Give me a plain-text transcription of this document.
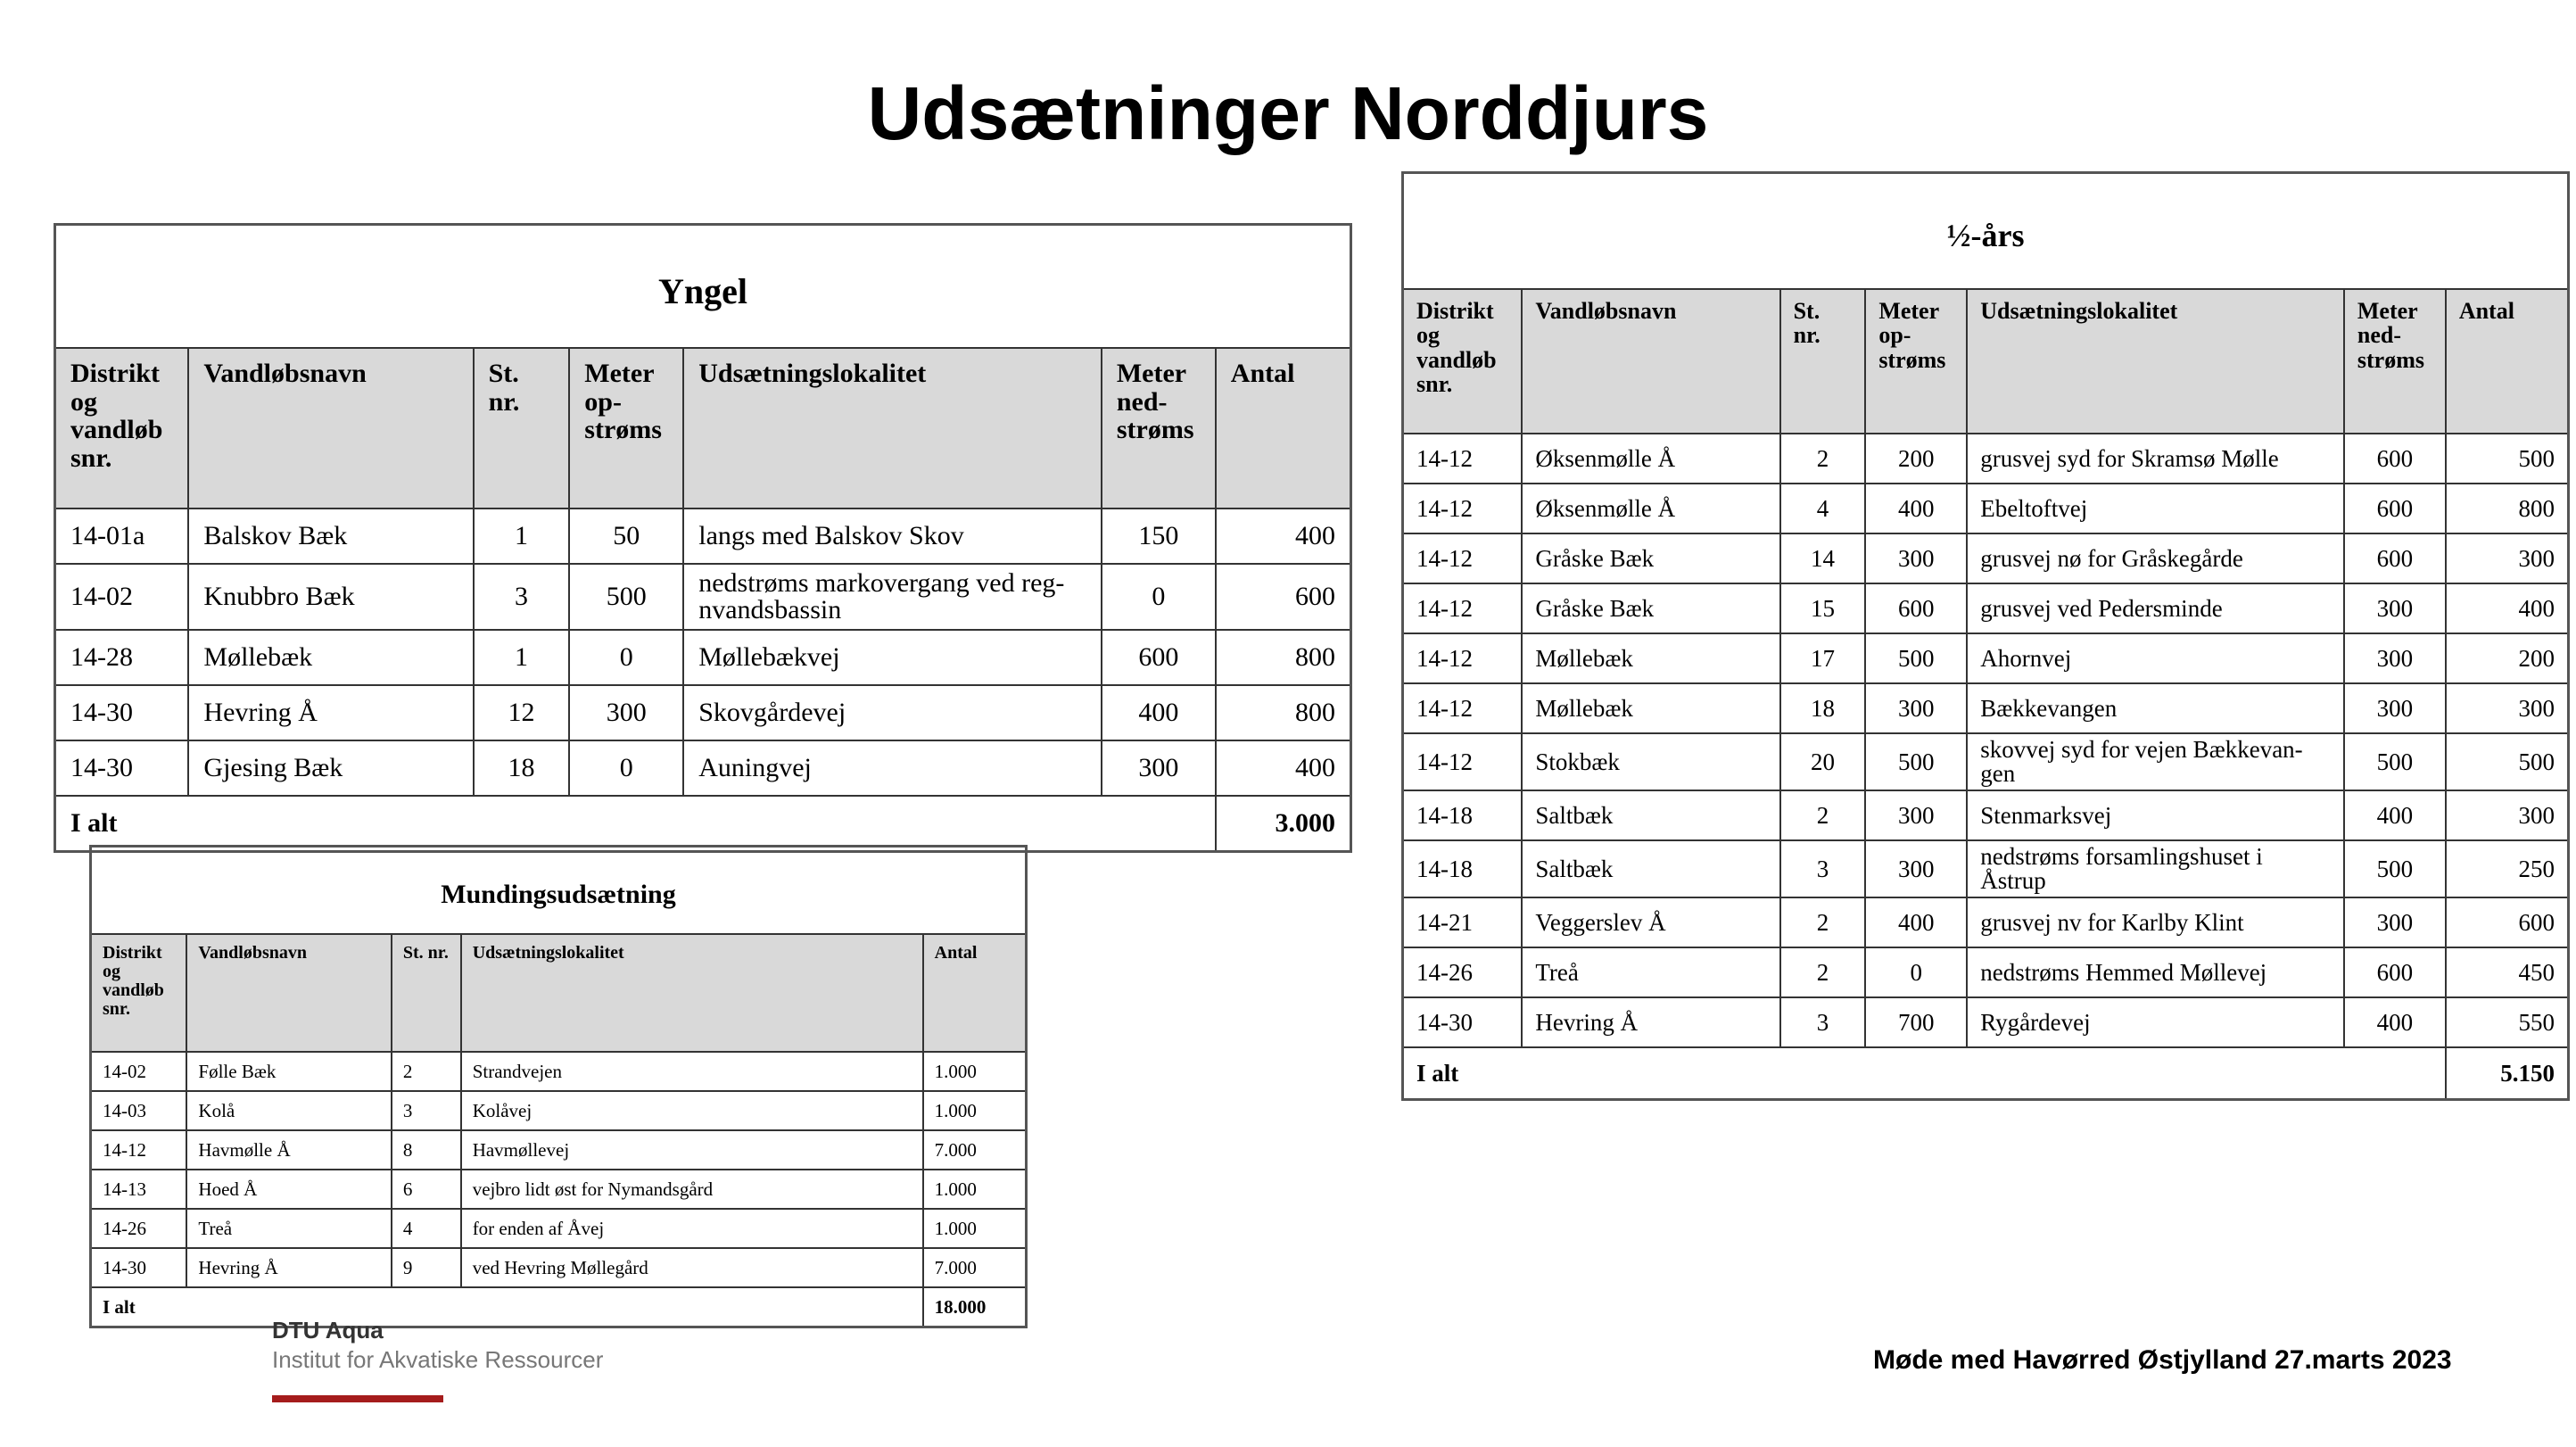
Udsætninger Norddjurs
Yngel						
Distrikt og vandløb snr.	Vandløbsnavn	St. nr.	Meter op-strøms	Udsætningslokalitet	Meter ned-strøms	Antal
14-01a	Balskov Bæk	1	50	langs med Balskov Skov	150	400
14-02	Knubbro Bæk	3	500	nedstrøms markovergang ved reg-nvandsbassin	0	600
14-28	Møllebæk	1	0	Møllebækvej	600	800
14-30	Hevring Å	12	300	Skovgårdevej	400	800
14-30	Gjesing Bæk	18	0	Auningvej	300	400
I alt						3.000
Mundingsudsætning				
Distrikt og vandløb snr.	Vandløbsnavn	St. nr.	Udsætningslokalitet	Antal
14-02	Følle Bæk	2	Strandvejen	1.000
14-03	Kolå	3	Kolåvej	1.000
14-12	Havmølle Å	8	Havmøllevej	7.000
14-13	Hoed Å	6	vejbro lidt øst for Nymandsgård	1.000
14-26	Treå	4	for enden af Åvej	1.000
14-30	Hevring Å	9	ved Hevring Møllegård	7.000
I alt				18.000
½-års						
Distrikt og vandløb snr.	Vandløbsnavn	St. nr.	Meter op-strøms	Udsætningslokalitet	Meter ned-strøms	Antal
14-12	Øksenmølle Å	2	200	grusvej syd for Skramsø Mølle	600	500
14-12	Øksenmølle Å	4	400	Ebeltoftvej	600	800
14-12	Gråske Bæk	14	300	grusvej nø for Gråskegårde	600	300
14-12	Gråske Bæk	15	600	grusvej ved Pedersminde	300	400
14-12	Møllebæk	17	500	Ahornvej	300	200
14-12	Møllebæk	18	300	Bækkevangen	300	300
14-12	Stokbæk	20	500	skovvej syd for vejen Bækkevan-gen	500	500
14-18	Saltbæk	2	300	Stenmarksvej	400	300
14-18	Saltbæk	3	300	nedstrøms forsamlingshuset i Åstrup	500	250
14-21	Veggerslev Å	2	400	grusvej nv for Karlby Klint	300	600
14-26	Treå	2	0	nedstrøms Hemmed Møllevej	600	450
14-30	Hevring Å	3	700	Rygårdevej	400	550
I alt						5.150
DTU Aqua
Institut for Akvatiske Ressourcer	Møde med Havørred Østjylland 27.marts 2023
